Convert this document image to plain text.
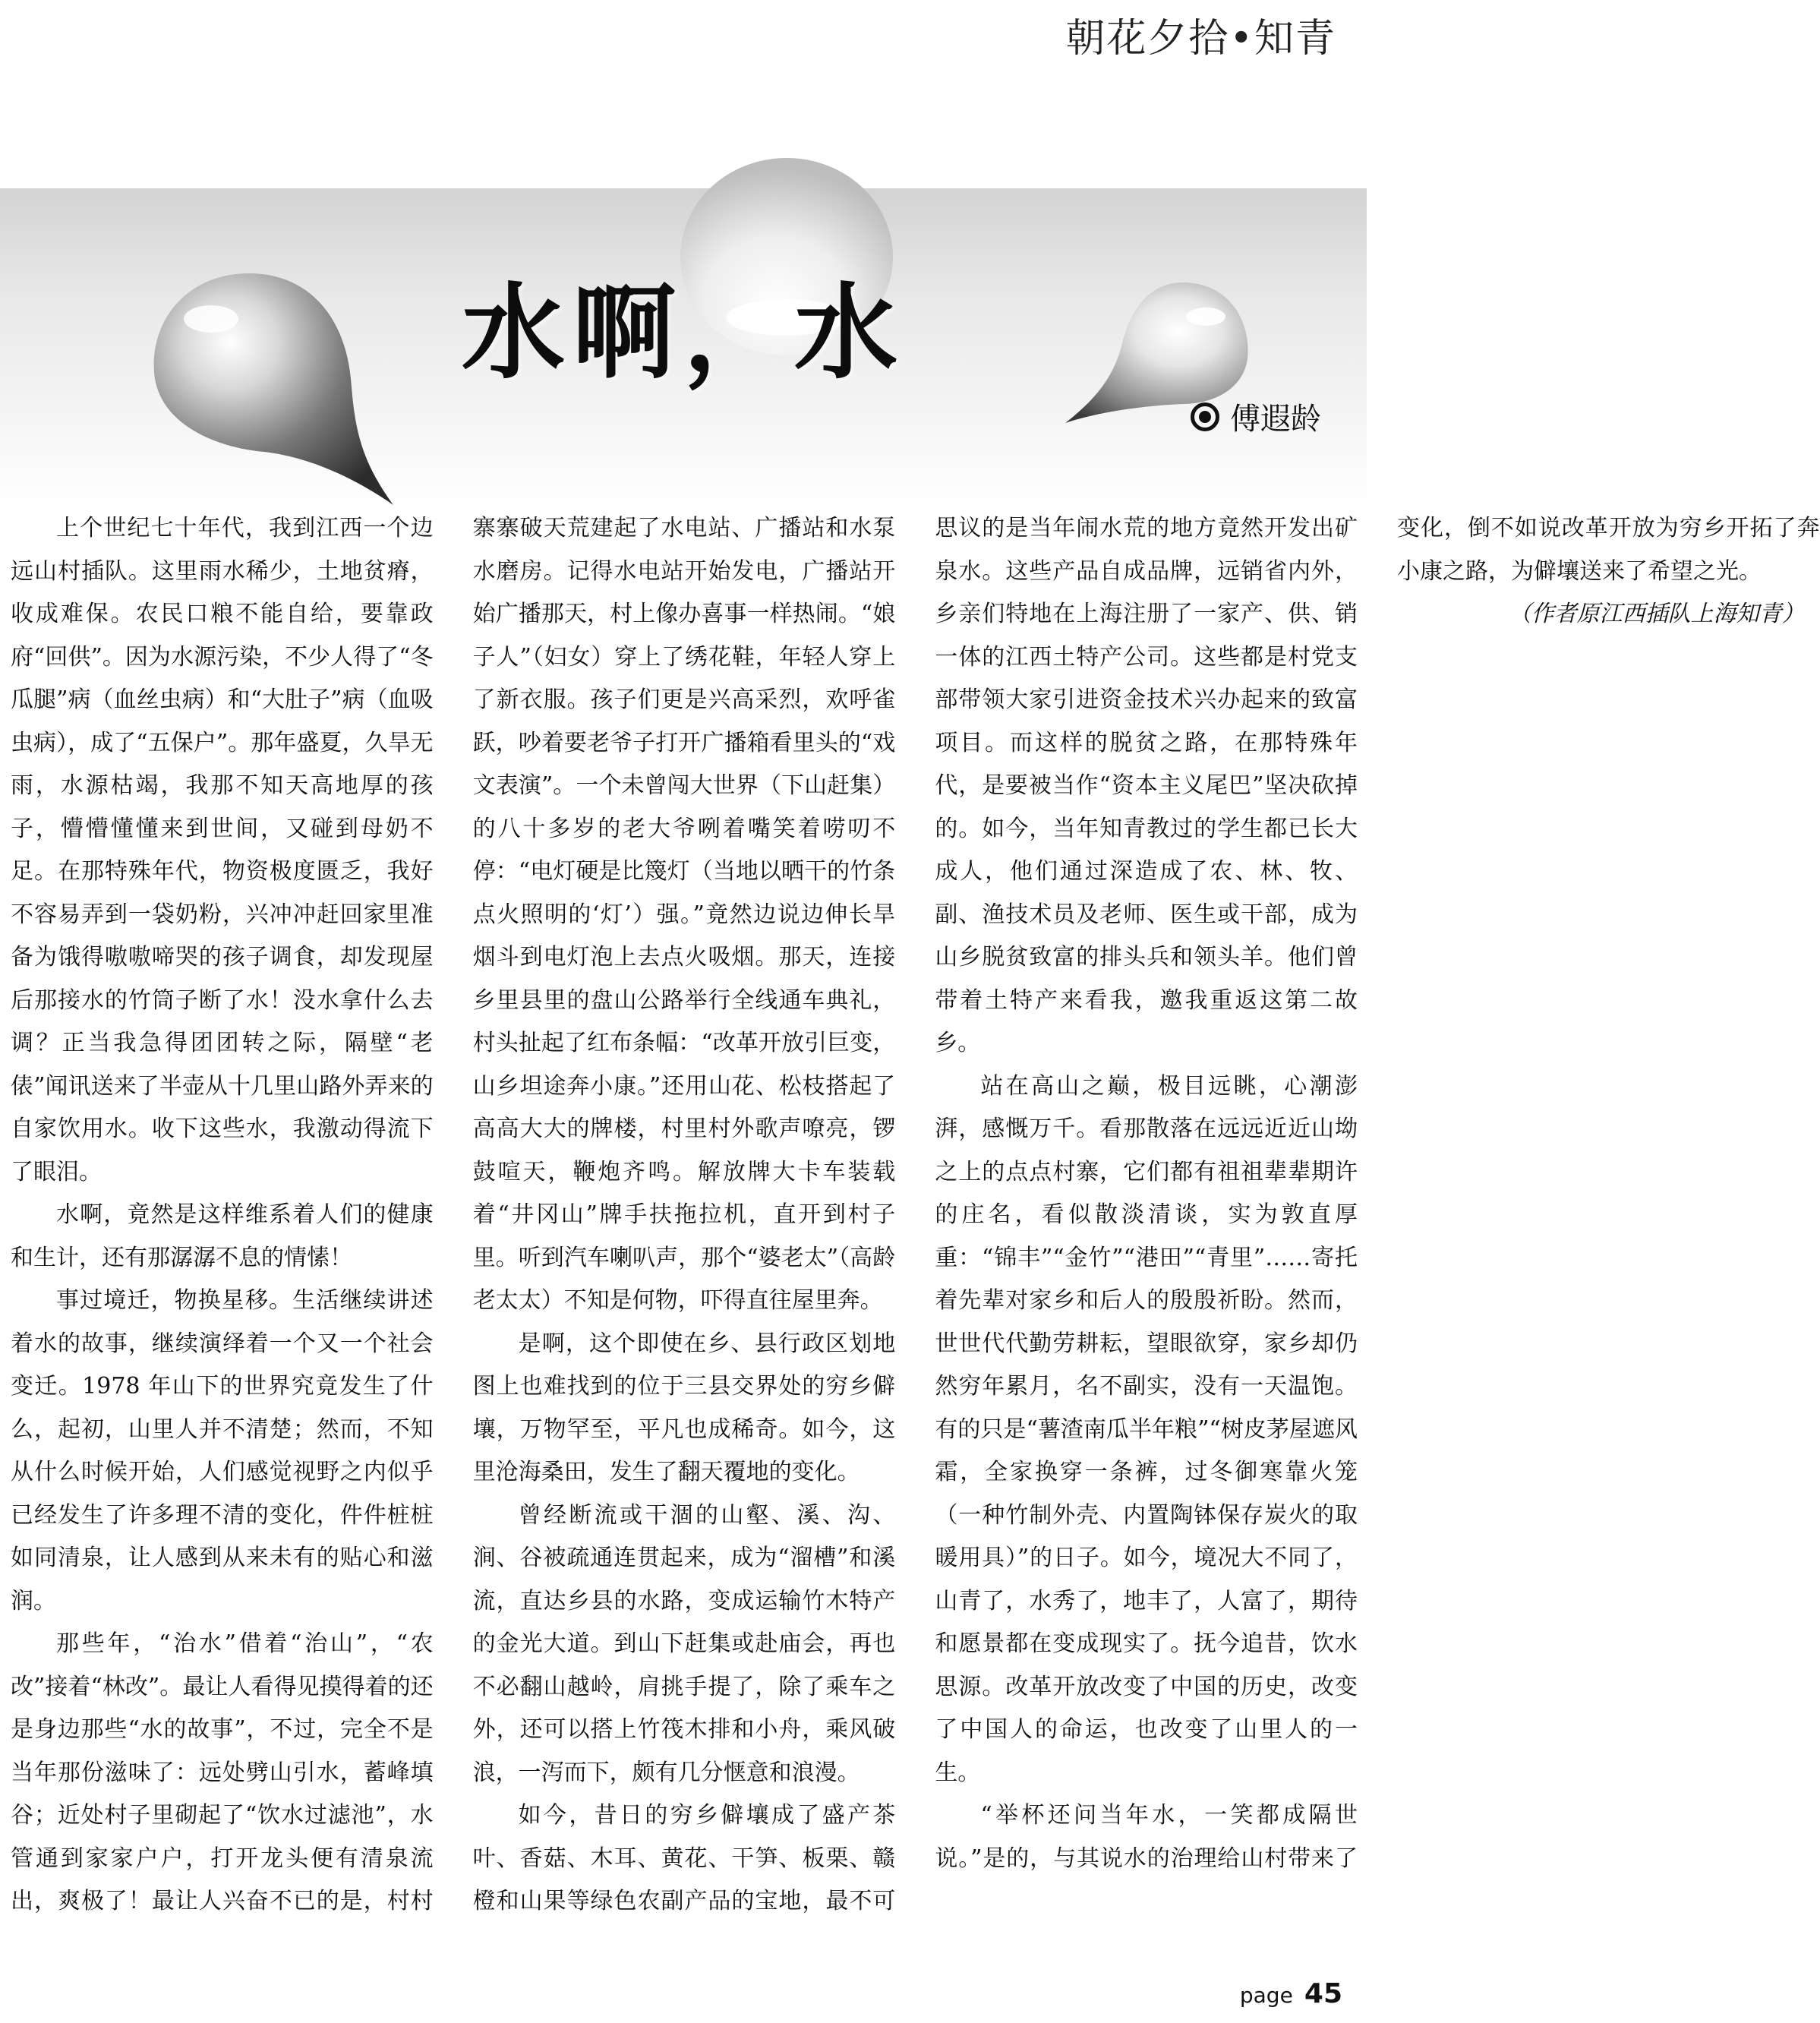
朝花夕拾•知青
水啊，水
傅遐龄

上个世纪七十年代，我到江西一个边远山村插队。这里雨水稀少，土地贫瘠，收成难保。农民口粮不能自给，要靠政府“回供”。因为水源污染，不少人得了“冬瓜腿”病（血丝虫病）和“大肚子”病（血吸虫病），成了“五保户”。那年盛夏，久旱无雨，水源枯竭，我那不知天高地厚的孩子，懵懵懂懂来到世间，又碰到母奶不足。在那特殊年代，物资极度匮乏，我好不容易弄到一袋奶粉，兴冲冲赶回家里准备为饿得嗷嗷啼哭的孩子调食，却发现屋后那接水的竹筒子断了水！没水拿什么去调？正当我急得团团转之际，隔壁“老俵”闻讯送来了半壶从十几里山路外弄来的自家饮用水。收下这些水，我激动得流下了眼泪。

水啊，竟然是这样维系着人们的健康和生计，还有那潺潺不息的情愫！

事过境迁，物换星移。生活继续讲述着水的故事，继续演绎着一个又一个社会变迁。1978 年山下的世界究竟发生了什么，起初，山里人并不清楚；然而，不知从什么时候开始，人们感觉视野之内似乎已经发生了许多理不清的变化，件件桩桩如同清泉，让人感到从来未有的贴心和滋润。

那些年，“治水”借着“治山”，“农改”接着“林改”。最让人看得见摸得着的还是身边那些“水的故事”，不过，完全不是当年那份滋味了：远处劈山引水，蓄峰填谷；近处村子里砌起了“饮水过滤池”，水管通到家家户户，打开龙头便有清泉流出，爽极了！最让人兴奋不已的是，村村寨寨破天荒建起了水电站、广播站和水泵水磨房。记得水电站开始发电，广播站开始广播那天，村上像办喜事一样热闹。“娘子人”（妇女）穿上了绣花鞋，年轻人穿上了新衣服。孩子们更是兴高采烈，欢呼雀跃，吵着要老爷子打开广播箱看里头的“戏文表演”。一个未曾闯大世界（下山赶集）的八十多岁的老大爷咧着嘴笑着唠叨不停：“电灯硬是比篾灯（当地以晒干的竹条点火照明的‘灯’）强。”竟然边说边伸长旱烟斗到电灯泡上去点火吸烟。那天，连接乡里县里的盘山公路举行全线通车典礼，村头扯起了红布条幅：“改革开放引巨变，山乡坦途奔小康。”还用山花、松枝搭起了高高大大的牌楼，村里村外歌声嘹亮，锣鼓喧天，鞭炮齐鸣。解放牌大卡车装载着“井冈山”牌手扶拖拉机，直开到村子里。听到汽车喇叭声，那个“婆老太”（高龄老太太）不知是何物，吓得直往屋里奔。

是啊，这个即使在乡、县行政区划地图上也难找到的位于三县交界处的穷乡僻壤，万物罕至，平凡也成稀奇。如今，这里沧海桑田，发生了翻天覆地的变化。

曾经断流或干涸的山壑、溪、沟、涧、谷被疏通连贯起来，成为“溜槽”和溪流，直达乡县的水路，变成运输竹木特产的金光大道。到山下赶集或赴庙会，再也不必翻山越岭，肩挑手提了，除了乘车之外，还可以搭上竹筏木排和小舟，乘风破浪，一泻而下，颇有几分惬意和浪漫。

如今，昔日的穷乡僻壤成了盛产茶叶、香菇、木耳、黄花、干笋、板栗、赣橙和山果等绿色农副产品的宝地，最不可思议的是当年闹水荒的地方竟然开发出矿泉水。这些产品自成品牌，远销省内外，乡亲们特地在上海注册了一家产、供、销一体的江西土特产公司。这些都是村党支部带领大家引进资金技术兴办起来的致富项目。而这样的脱贫之路，在那特殊年代，是要被当作“资本主义尾巴”坚决砍掉的。如今，当年知青教过的学生都已长大成人，他们通过深造成了农、林、牧、副、渔技术员及老师、医生或干部，成为山乡脱贫致富的排头兵和领头羊。他们曾带着土特产来看我，邀我重返这第二故乡。

站在高山之巅，极目远眺，心潮澎湃，感慨万千。看那散落在远远近近山坳之上的点点村寨，它们都有祖祖辈辈期许的庄名，看似散淡清谈，实为敦直厚重：“锦丰”“金竹”“港田”“青里”……寄托着先辈对家乡和后人的殷殷祈盼。然而，世世代代勤劳耕耘，望眼欲穿，家乡却仍然穷年累月，名不副实，没有一天温饱。有的只是“薯渣南瓜半年粮”“树皮茅屋遮风霜，全家换穿一条裤，过冬御寒靠火笼（一种竹制外壳、内置陶钵保存炭火的取暖用具）”的日子。如今，境况大不同了，山青了，水秀了，地丰了，人富了，期待和愿景都在变成现实了。抚今追昔，饮水思源。改革开放改变了中国的历史，改变了中国人的命运，也改变了山里人的一生。

“举杯还问当年水，一笑都成隔世说。”是的，与其说水的治理给山村带来了变化，倒不如说改革开放为穷乡开拓了奔小康之路，为僻壤送来了希望之光。

（作者原江西插队上海知青）

page 45
